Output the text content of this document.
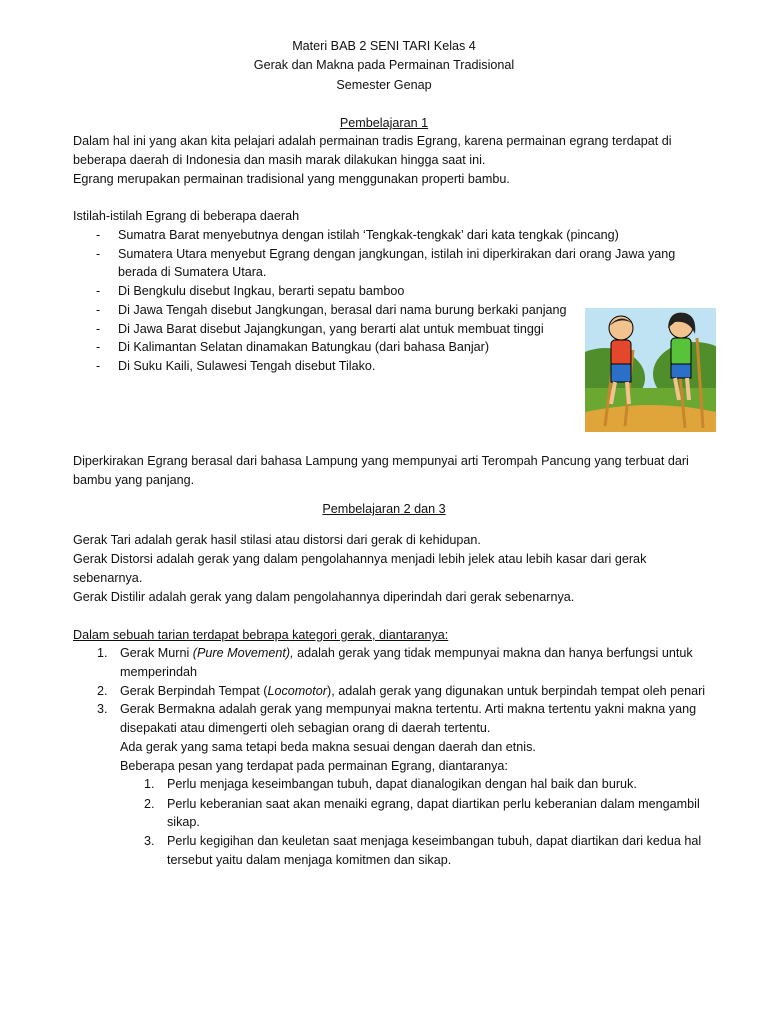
Materi BAB 2 SENI TARI Kelas 4
Gerak dan Makna pada Permainan Tradisional
Semester Genap
Pembelajaran 1
Dalam hal ini yang akan kita pelajari adalah permainan tradis Egrang, karena permainan egrang terdapat di
beberapa daerah di Indonesia dan masih marak dilakukan hingga saat ini.
Egrang merupakan permainan tradisional yang menggunakan properti bambu.
Istilah-istilah Egrang di beberapa daerah
- Sumatra Barat menyebutnya dengan istilah ‘Tengkak-tengkak’ dari kata tengkak (pincang)
- Sumatera Utara menyebut Egrang dengan jangkungan, istilah ini diperkirakan dari orang Jawa yang
berada di Sumatera Utara.
- Di Bengkulu disebut Ingkau, berarti sepatu bamboo
- Di Jawa Tengah disebut Jangkungan, berasal dari nama burung berkaki panjang
- Di Jawa Barat disebut Jajangkungan, yang berarti alat untuk membuat tinggi
- Di Kalimantan Selatan dinamakan Batungkau (dari bahasa Banjar)
- Di Suku Kaili, Sulawesi Tengah disebut Tilako.
Diperkirakan Egrang berasal dari bahasa Lampung yang mempunyai arti Terompah Pancung yang terbuat dari
bambu yang panjang.
Pembelajaran 2 dan 3
Gerak Tari adalah gerak hasil stilasi atau distorsi dari gerak di kehidupan.
Gerak Distorsi adalah gerak yang dalam pengolahannya menjadi lebih jelek atau lebih kasar dari gerak
sebenarnya.
Gerak Distilir adalah gerak yang dalam pengolahannya diperindah dari gerak sebenarnya.
Dalam sebuah tarian terdapat bebrapa kategori gerak, diantaranya:
1. Gerak Murni (Pure Movement), adalah gerak yang tidak mempunyai makna dan hanya berfungsi untuk
memperindah
2. Gerak Berpindah Tempat (Locomotor), adalah gerak yang digunakan untuk berpindah tempat oleh penari
3. Gerak Bermakna adalah gerak yang mempunyai makna tertentu. Arti makna tertentu yakni makna yang
disepakati atau dimengerti oleh sebagian orang di daerah tertentu.
Ada gerak yang sama tetapi beda makna sesuai dengan daerah dan etnis.
Beberapa pesan yang terdapat pada permainan Egrang, diantaranya:
1. Perlu menjaga keseimbangan tubuh, dapat dianalogikan dengan hal baik dan buruk.
2. Perlu keberanian saat akan menaiki egrang, dapat diartikan perlu keberanian dalam mengambil
sikap.
3. Perlu kegigihan dan keuletan saat menjaga keseimbangan tubuh, dapat diartikan dari kedua hal
tersebut yaitu dalam menjaga komitmen dan sikap.
